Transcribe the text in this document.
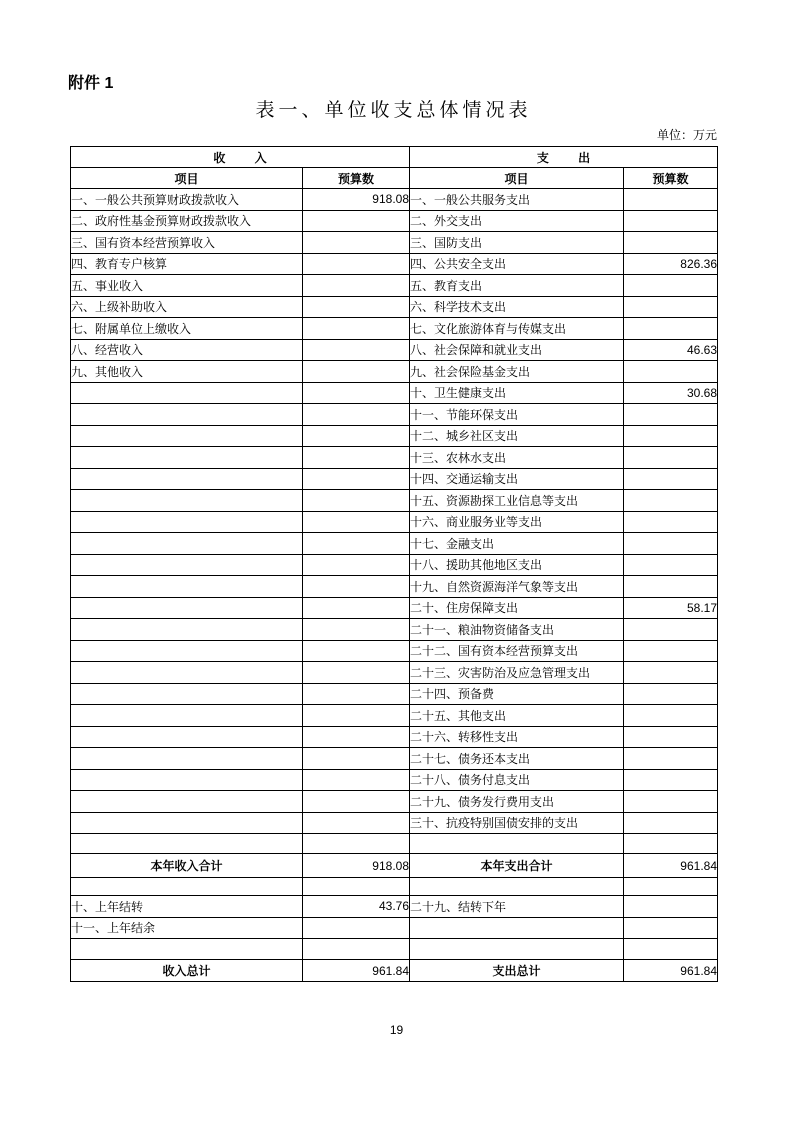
附件 1
表一、单位收支总体情况表
单位：万元
收 入		支 出	
项目	预算数	项目	预算数
一、一般公共预算财政拨款收入	918.08	一、一般公共服务支出	
二、政府性基金预算财政拨款收入		二、外交支出	
三、国有资本经营预算收入		三、国防支出	
四、教育专户核算		四、公共安全支出	826.36
五、事业收入		五、教育支出	
六、上级补助收入		六、科学技术支出	
七、附属单位上缴收入		七、文化旅游体育与传媒支出	
八、经营收入		八、社会保障和就业支出	46.63
九、其他收入		九、社会保险基金支出	
		十、卫生健康支出	30.68
		十一、节能环保支出	
		十二、城乡社区支出	
		十三、农林水支出	
		十四、交通运输支出	
		十五、资源勘探工业信息等支出	
		十六、商业服务业等支出	
		十七、金融支出	
		十八、援助其他地区支出	
		十九、自然资源海洋气象等支出	
		二十、住房保障支出	58.17
		二十一、粮油物资储备支出	
		二十二、国有资本经营预算支出	
		二十三、灾害防治及应急管理支出	
		二十四、预备费	
		二十五、其他支出	
		二十六、转移性支出	
		二十七、债务还本支出	
		二十八、债务付息支出	
		二十九、债务发行费用支出	
		三十、抗疫特别国债安排的支出	

本年收入合计	918.08	本年支出合计	961.84

十、上年结转	43.76	二十九、结转下年	
十一、上年结余			

收入总计	961.84	支出总计	961.84
19
